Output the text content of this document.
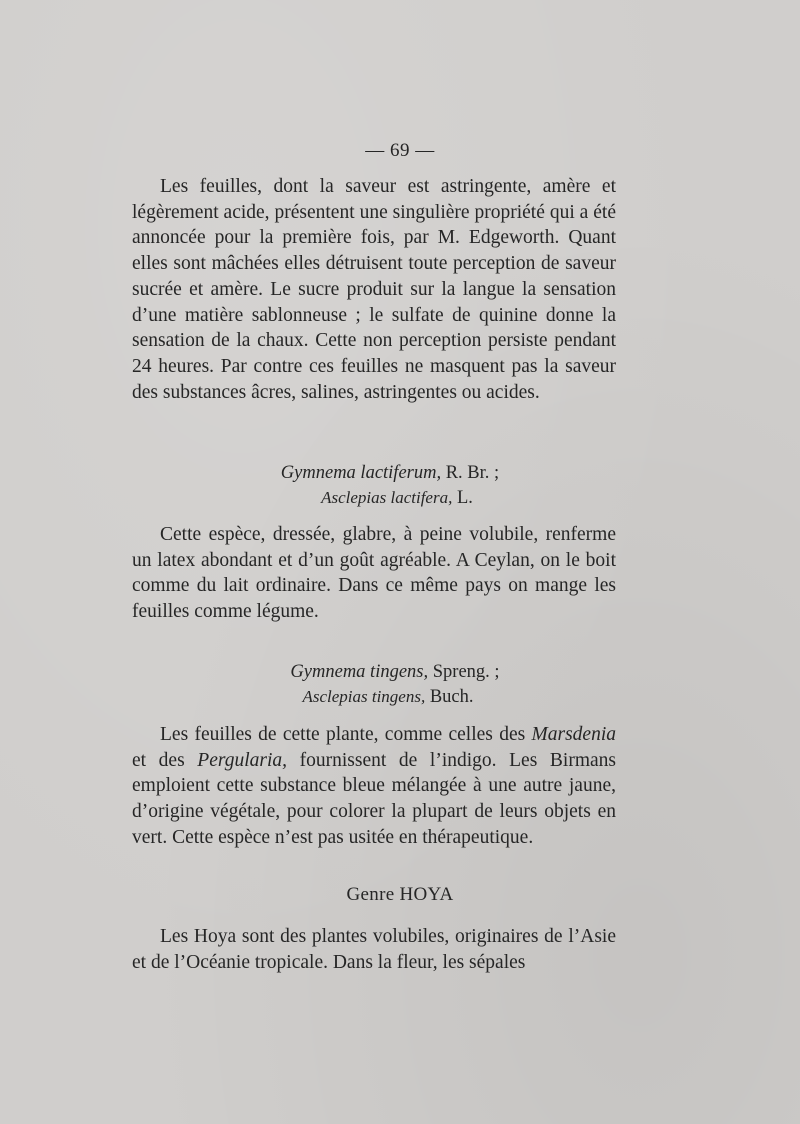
— 69 —

Les feuilles, dont la saveur est astringente, amère et légèrement acide, présentent une singulière propriété qui a été annoncée pour la première fois, par M. Edgeworth. Quant elles sont mâchées elles détruisent toute perception de saveur sucrée et amère. Le sucre produit sur la langue la sensation d’une matière sablonneuse ; le sulfate de quinine donne la sensation de la chaux. Cette non perception persiste pendant 24 heures. Par contre ces feuilles ne masquent pas la saveur des substances âcres, salines, astringentes ou acides.

Gymnema lactiferum, R. Br. ;
Asclepias lactifera, L.

Cette espèce, dressée, glabre, à peine volubile, renferme un latex abondant et d’un goût agréable. A Ceylan, on le boit comme du lait ordinaire. Dans ce même pays on mange les feuilles comme légume.

Gymnema tingens, Spreng. ;
Asclepias tingens, Buch.

Les feuilles de cette plante, comme celles des Marsdenia et des Pergularia, fournissent de l’indigo. Les Birmans emploient cette substance bleue mélangée à une autre jaune, d’origine végétale, pour colorer la plupart de leurs objets en vert. Cette espèce n’est pas usitée en thérapeutique.

Genre HOYA

Les Hoya sont des plantes volubiles, originaires de l’Asie et de l’Océanie tropicale. Dans la fleur, les sépales
